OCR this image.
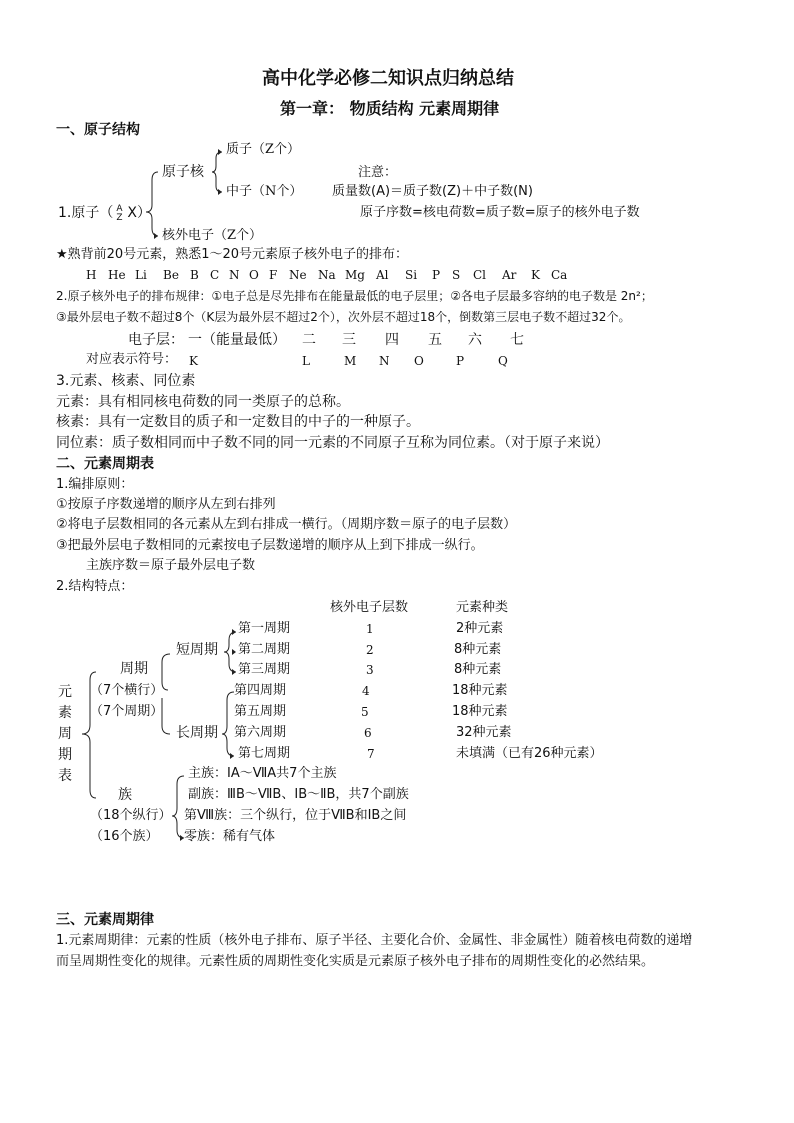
高中化学必修二知识点归纳总结
第一章： 物质结构 元素周期律
一、原子结构
质子（Z个）
原子核
中子（N个）
1.原子（ A
Z X）
核外电子（Z个）
注意：
质量数(A)＝质子数(Z)＋中子数(N)
原子序数=核电荷数=质子数=原子的核外电子数
★熟背前20号元素，熟悉1～20号元素原子核外电子的排布：
H He Li Be B C N O F Ne Na Mg Al Si P S Cl Ar K Ca
2.原子核外电子的排布规律：①电子总是尽先排布在能量最低的电子层里；②各电子层最多容纳的电子数是 2n²；
③最外层电子数不超过8个（K层为最外层不超过2个），次外层不超过18个，倒数第三层电子数不超过32个。
电子层： 一（能量最低） 二 三 四 五 六 七
对应表示符号： K	L	M N O	P	Q
3.元素、核素、同位素
元素：具有相同核电荷数的同一类原子的总称。
核素：具有一定数目的质子和一定数目的中子的一种原子。
同位素：质子数相同而中子数不同的同一元素的不同原子互称为同位素。（对于原子来说）
二、元素周期表
1.编排原则：
①按原子序数递增的顺序从左到右排列
②将电子层数相同的各元素从左到右排成一横行。（周期序数＝原子的电子层数）
③把最外层电子数相同的元素按电子层数递增的顺序从上到下排成一纵行。
主族序数＝原子最外层电子数
2.结构特点：
核外电子层数	元素种类
元
素
周
期
表
周期
（7个横行）
（7个周期）
短周期
长周期
第一周期	1	2种元素
第二周期	2	8种元素
第三周期	3	8种元素
第四周期	4	18种元素
第五周期	5	18种元素
第六周期	6	32种元素
第七周期	7	未填满（已有26种元素）
族
（18个纵行）
（16个族）
主族：ⅠA～ⅦA共7个主族
副族：ⅢB～ⅦB、ⅠB～ⅡB，共7个副族
第Ⅷ族：三个纵行，位于ⅦB和ⅠB之间
零族：稀有气体
三、元素周期律
1.元素周期律：元素的性质（核外电子排布、原子半径、主要化合价、金属性、非金属性）随着核电荷数的递增
而呈周期性变化的规律。元素性质的周期性变化实质是元素原子核外电子排布的周期性变化的必然结果。
